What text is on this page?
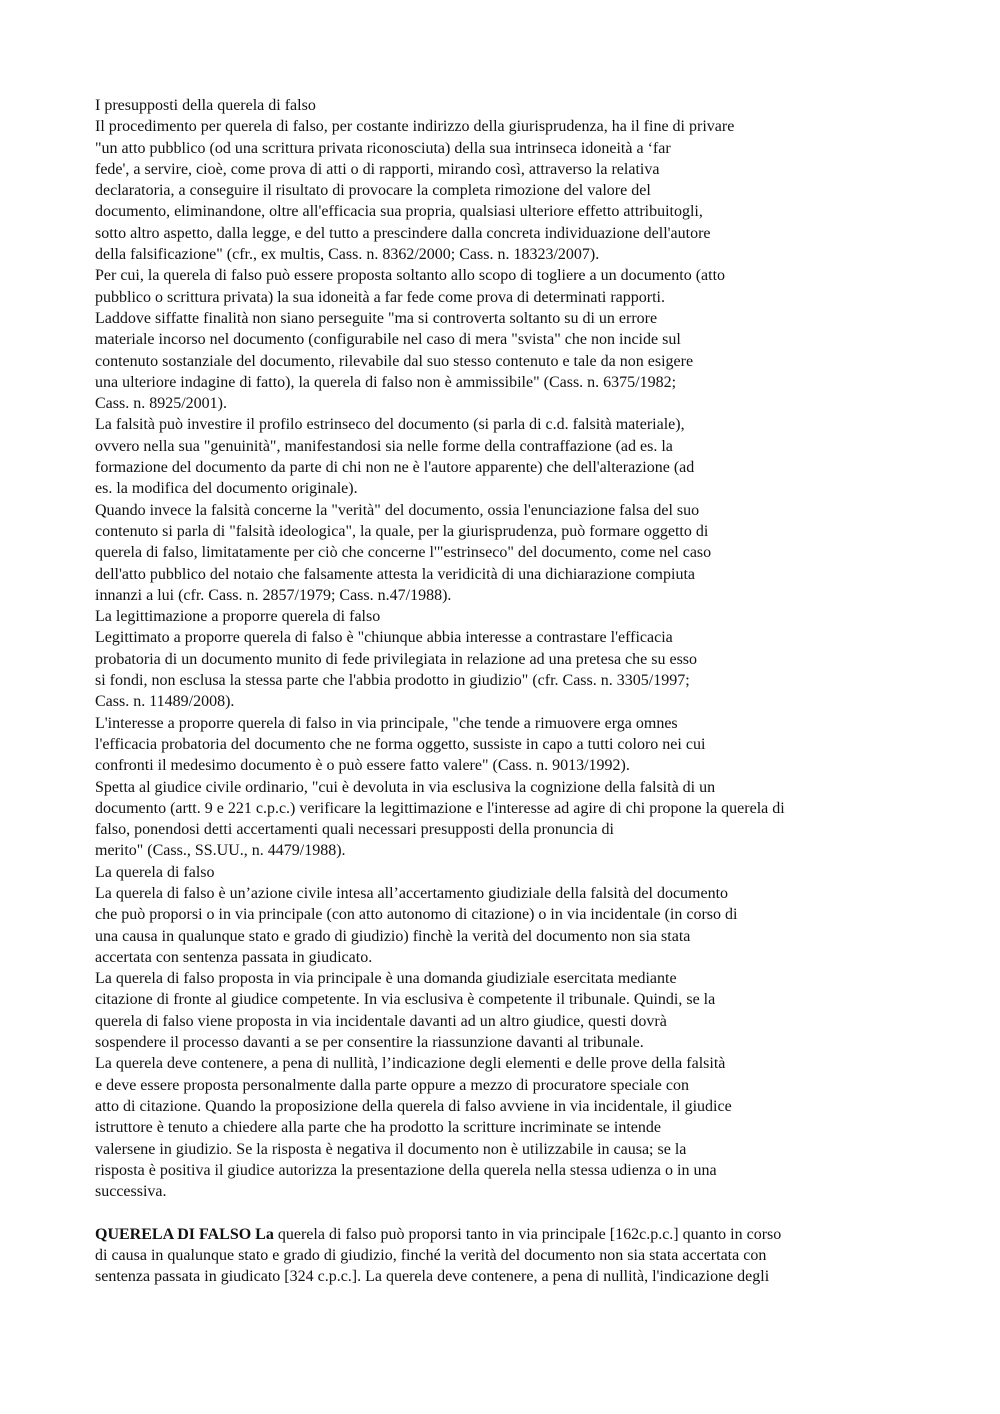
I presupposti della querela di falso
Il procedimento per querela di falso, per costante indirizzo della giurisprudenza, ha il fine di privare
"un atto pubblico (od una scrittura privata riconosciuta) della sua intrinseca idoneità a ‘far
fede', a servire, cioè, come prova di atti o di rapporti, mirando così, attraverso la relativa
declaratoria, a conseguire il risultato di provocare la completa rimozione del valore del
documento, eliminandone, oltre all'efficacia sua propria, qualsiasi ulteriore effetto attribuitogli,
sotto altro aspetto, dalla legge, e del tutto a prescindere dalla concreta individuazione dell'autore
della falsificazione" (cfr., ex multis, Cass. n. 8362/2000; Cass. n. 18323/2007).
Per cui, la querela di falso può essere proposta soltanto allo scopo di togliere a un documento (atto
pubblico o scrittura privata) la sua idoneità a far fede come prova di determinati rapporti.
Laddove siffatte finalità non siano perseguite "ma si controverta soltanto su di un errore
materiale incorso nel documento (configurabile nel caso di mera "svista" che non incide sul
contenuto sostanziale del documento, rilevabile dal suo stesso contenuto e tale da non esigere
una ulteriore indagine di fatto), la querela di falso non è ammissibile" (Cass. n. 6375/1982;
Cass. n. 8925/2001).
La falsità può investire il profilo estrinseco del documento (si parla di c.d. falsità materiale),
ovvero nella sua "genuinità", manifestandosi sia nelle forme della contraffazione (ad es. la
formazione del documento da parte di chi non ne è l'autore apparente) che dell'alterazione (ad
es. la modifica del documento originale).
Quando invece la falsità concerne la "verità" del documento, ossia l'enunciazione falsa del suo
contenuto si parla di "falsità ideologica", la quale, per la giurisprudenza, può formare oggetto di
querela di falso, limitatamente per ciò che concerne l'"estrinseco" del documento, come nel caso
dell'atto pubblico del notaio che falsamente attesta la veridicità di una dichiarazione compiuta
innanzi a lui (cfr. Cass. n. 2857/1979; Cass. n.47/1988).
La legittimazione a proporre querela di falso
Legittimato a proporre querela di falso è "chiunque abbia interesse a contrastare l'efficacia
probatoria di un documento munito di fede privilegiata in relazione ad una pretesa che su esso
si fondi, non esclusa la stessa parte che l'abbia prodotto in giudizio" (cfr. Cass. n. 3305/1997;
Cass. n. 11489/2008).
L'interesse a proporre querela di falso in via principale, "che tende a rimuovere erga omnes
l'efficacia probatoria del documento che ne forma oggetto, sussiste in capo a tutti coloro nei cui
confronti il medesimo documento è o può essere fatto valere" (Cass. n. 9013/1992).
Spetta al giudice civile ordinario, "cui è devoluta in via esclusiva la cognizione della falsità di un
documento (artt. 9 e 221 c.p.c.) verificare la legittimazione e l'interesse ad agire di chi propone la querela di
falso, ponendosi detti accertamenti quali necessari presupposti della pronuncia di
merito" (Cass., SS.UU., n. 4479/1988).
La querela di falso
La querela di falso è un’azione civile intesa all’accertamento giudiziale della falsità del documento
che può proporsi o in via principale (con atto autonomo di citazione) o in via incidentale (in corso di
una causa in qualunque stato e grado di giudizio) finchè la verità del documento non sia stata
accertata con sentenza passata in giudicato.
La querela di falso proposta in via principale è una domanda giudiziale esercitata mediante
citazione di fronte al giudice competente. In via esclusiva è competente il tribunale. Quindi, se la
querela di falso viene proposta in via incidentale davanti ad un altro giudice, questi dovrà
sospendere il processo davanti a se per consentire la riassunzione davanti al tribunale.
La querela deve contenere, a pena di nullità, l’indicazione degli elementi e delle prove della falsità
e deve essere proposta personalmente dalla parte oppure a mezzo di procuratore speciale con
atto di citazione. Quando la proposizione della querela di falso avviene in via incidentale, il giudice
istruttore è tenuto a chiedere alla parte che ha prodotto la scritture incriminate se intende
valersene in giudizio. Se la risposta è negativa il documento non è utilizzabile in causa; se la
risposta è positiva il giudice autorizza la presentazione della querela nella stessa udienza o in una
successiva.
QUERELA DI FALSO La querela di falso può proporsi tanto in via principale [162c.p.c.] quanto in corso
di causa in qualunque stato e grado di giudizio, finché la verità del documento non sia stata accertata con
sentenza passata in giudicato [324 c.p.c.]. La querela deve contenere, a pena di nullità, l'indicazione degli
